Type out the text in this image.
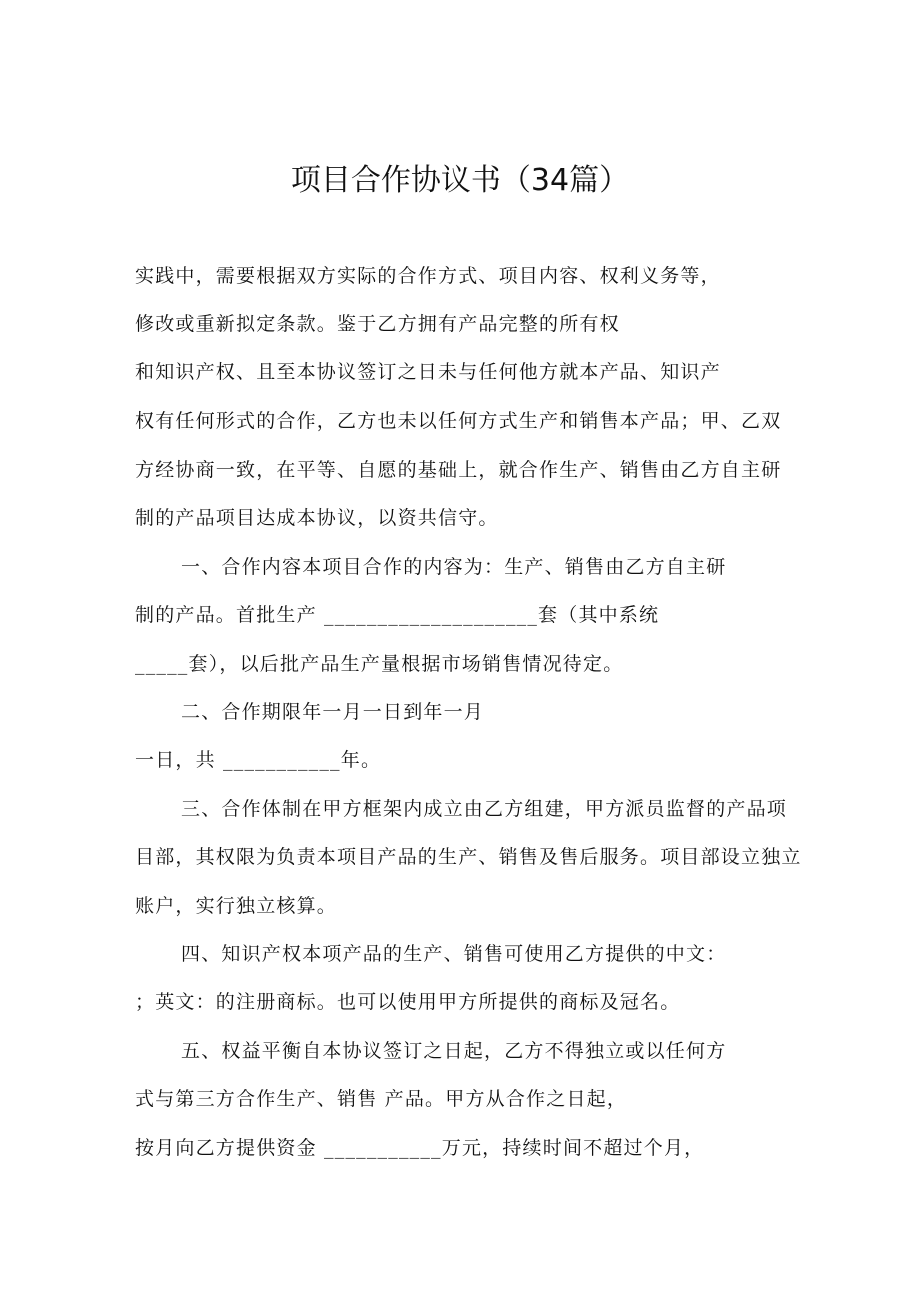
项目合作协议书（34篇）
实践中，需要根据双方实际的合作方式、项目内容、权利义务等，
修改或重新拟定条款。鉴于乙方拥有产品完整的所有权
和知识产权、且至本协议签订之日未与任何他方就本产品、知识产
权有任何形式的合作，乙方也未以任何方式生产和销售本产品；甲、乙双
方经协商一致，在平等、自愿的基础上，就合作生产、销售由乙方自主研
制的产品项目达成本协议，以资共信守。
一、合作内容本项目合作的内容为：生产、销售由乙方自主研
制的产品。首批生产 ____________________套（其中系统
_____套），以后批产品生产量根据市场销售情况待定。
二、合作期限年一月一日到年一月
一日，共 ___________年。
三、合作体制在甲方框架内成立由乙方组建，甲方派员监督的产品项
目部，其权限为负责本项目产品的生产、销售及售后服务。项目部设立独立
账户，实行独立核算。
四、知识产权本项产品的生产、销售可使用乙方提供的中文：
；英文：的注册商标。也可以使用甲方所提供的商标及冠名。
五、权益平衡自本协议签订之日起，乙方不得独立或以任何方
式与第三方合作生产、销售 产品。甲方从合作之日起，
按月向乙方提供资金 ___________万元，持续时间不超过个月，
